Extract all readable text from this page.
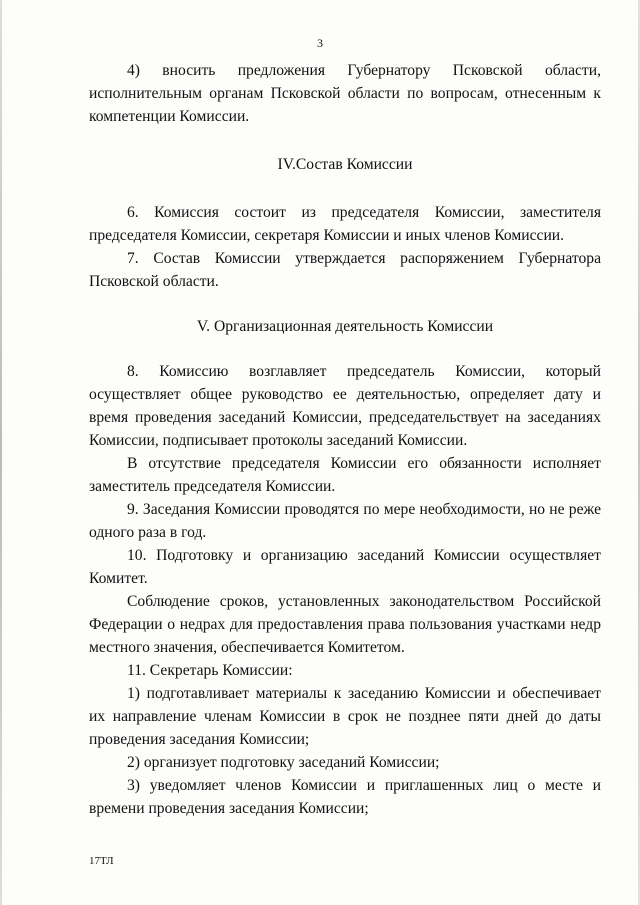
3

4) вносить предложения Губернатору Псковской области, исполнительным органам Псковской области по вопросам, отнесенным к компетенции Комиссии.

IV.Состав Комиссии

6. Комиссия состоит из председателя Комиссии, заместителя председателя Комиссии, секретаря Комиссии и иных членов Комиссии.

7. Состав Комиссии утверждается распоряжением Губернатора Псковской области.

V. Организационная деятельность Комиссии

8. Комиссию возглавляет председатель Комиссии, который осуществляет общее руководство ее деятельностью, определяет дату и время проведения заседаний Комиссии, председательствует на заседаниях Комиссии, подписывает протоколы заседаний Комиссии.

В отсутствие председателя Комиссии его обязанности исполняет заместитель председателя Комиссии.

9. Заседания Комиссии проводятся по мере необходимости, но не реже одного раза в год.

10. Подготовку и организацию заседаний Комиссии осуществляет Комитет.

Соблюдение сроков, установленных законодательством Российской Федерации о недрах для предоставления права пользования участками недр местного значения, обеспечивается Комитетом.

11. Секретарь Комиссии:

1) подготавливает материалы к заседанию Комиссии и обеспечивает их направление членам Комиссии в срок не позднее пяти дней до даты проведения заседания Комиссии;

2) организует подготовку заседаний Комиссии;

3) уведомляет членов Комиссии и приглашенных лиц о месте и времени проведения заседания Комиссии;

17ТЛ
